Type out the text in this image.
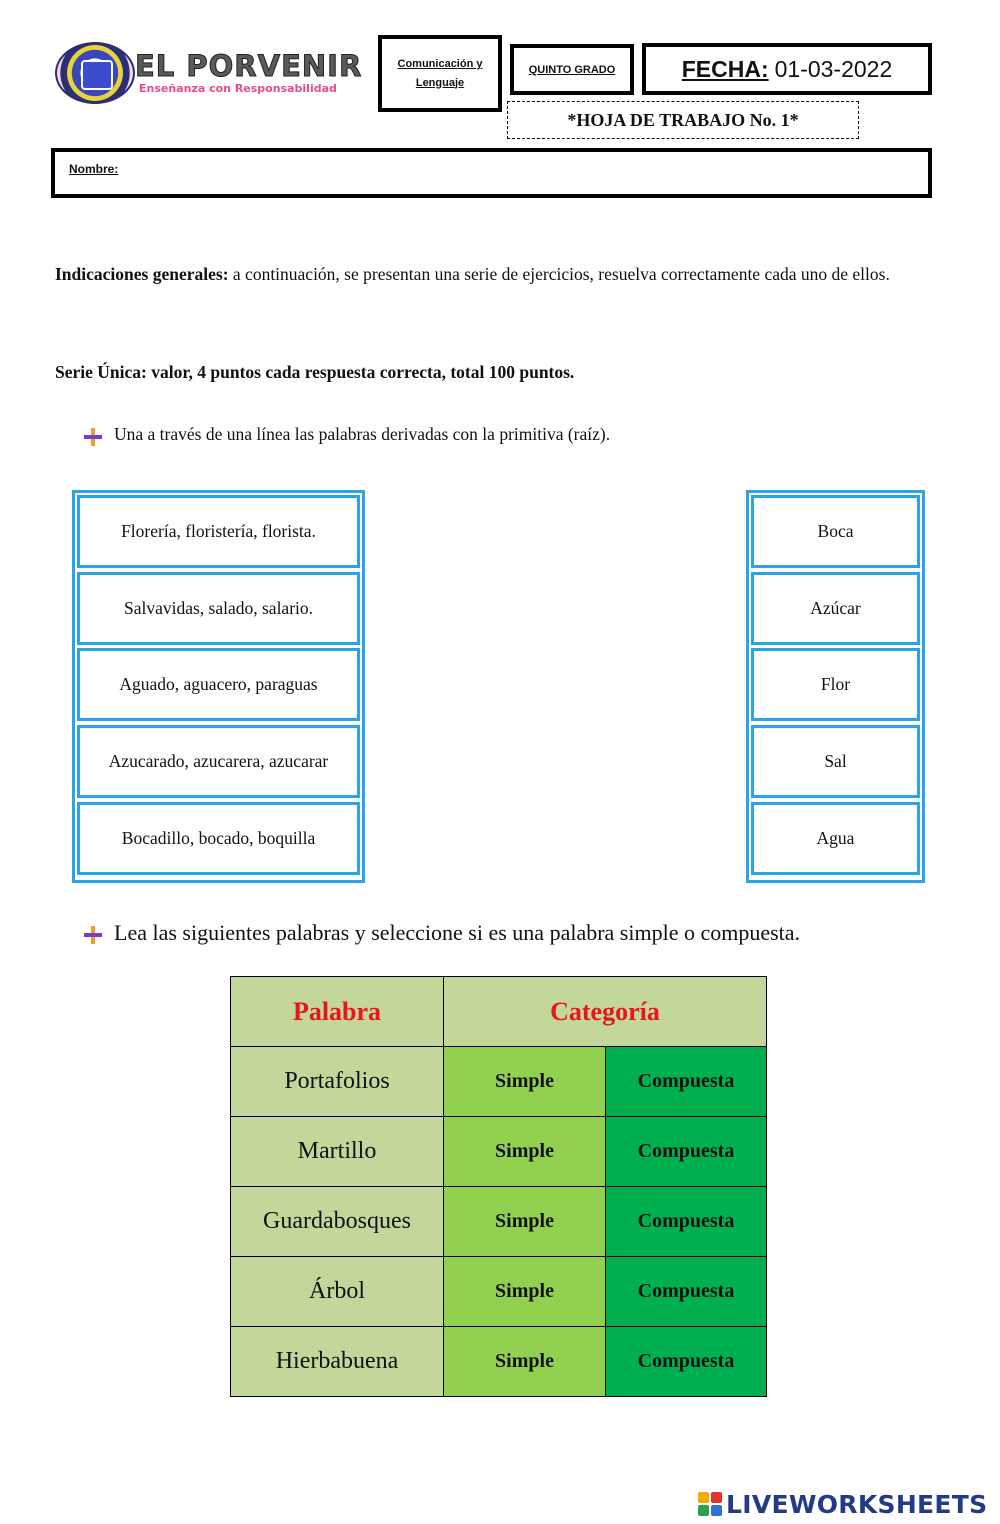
EL PORVENIR
Enseñanza con Responsabilidad
Comunicación y Lenguaje
QUINTO GRADO	FECHA: 01-03-2022
*HOJA DE TRABAJO No. 1*
Nombre:
Indicaciones generales: a continuación, se presentan una serie de ejercicios, resuelva correctamente cada uno de ellos.
Serie Única: valor, 4 puntos cada respuesta correcta, total 100 puntos.
Una a través de una línea las palabras derivadas con la primitiva (raíz).
Florería, floristería, florista.
Salvavidas, salado, salario.
Aguado, aguacero, paraguas
Azucarado, azucarera, azucarar
Bocadillo, bocado, boquilla
Boca
Azúcar
Flor
Sal
Agua
Lea las siguientes palabras y seleccione si es una palabra simple o compuesta.
Palabra	Categoría	
Portafolios	Simple	Compuesta
Martillo	Simple	Compuesta
Guardabosques	Simple	Compuesta
Árbol	Simple	Compuesta
Hierbabuena	Simple	Compuesta
LIVEWORKSHEETS
